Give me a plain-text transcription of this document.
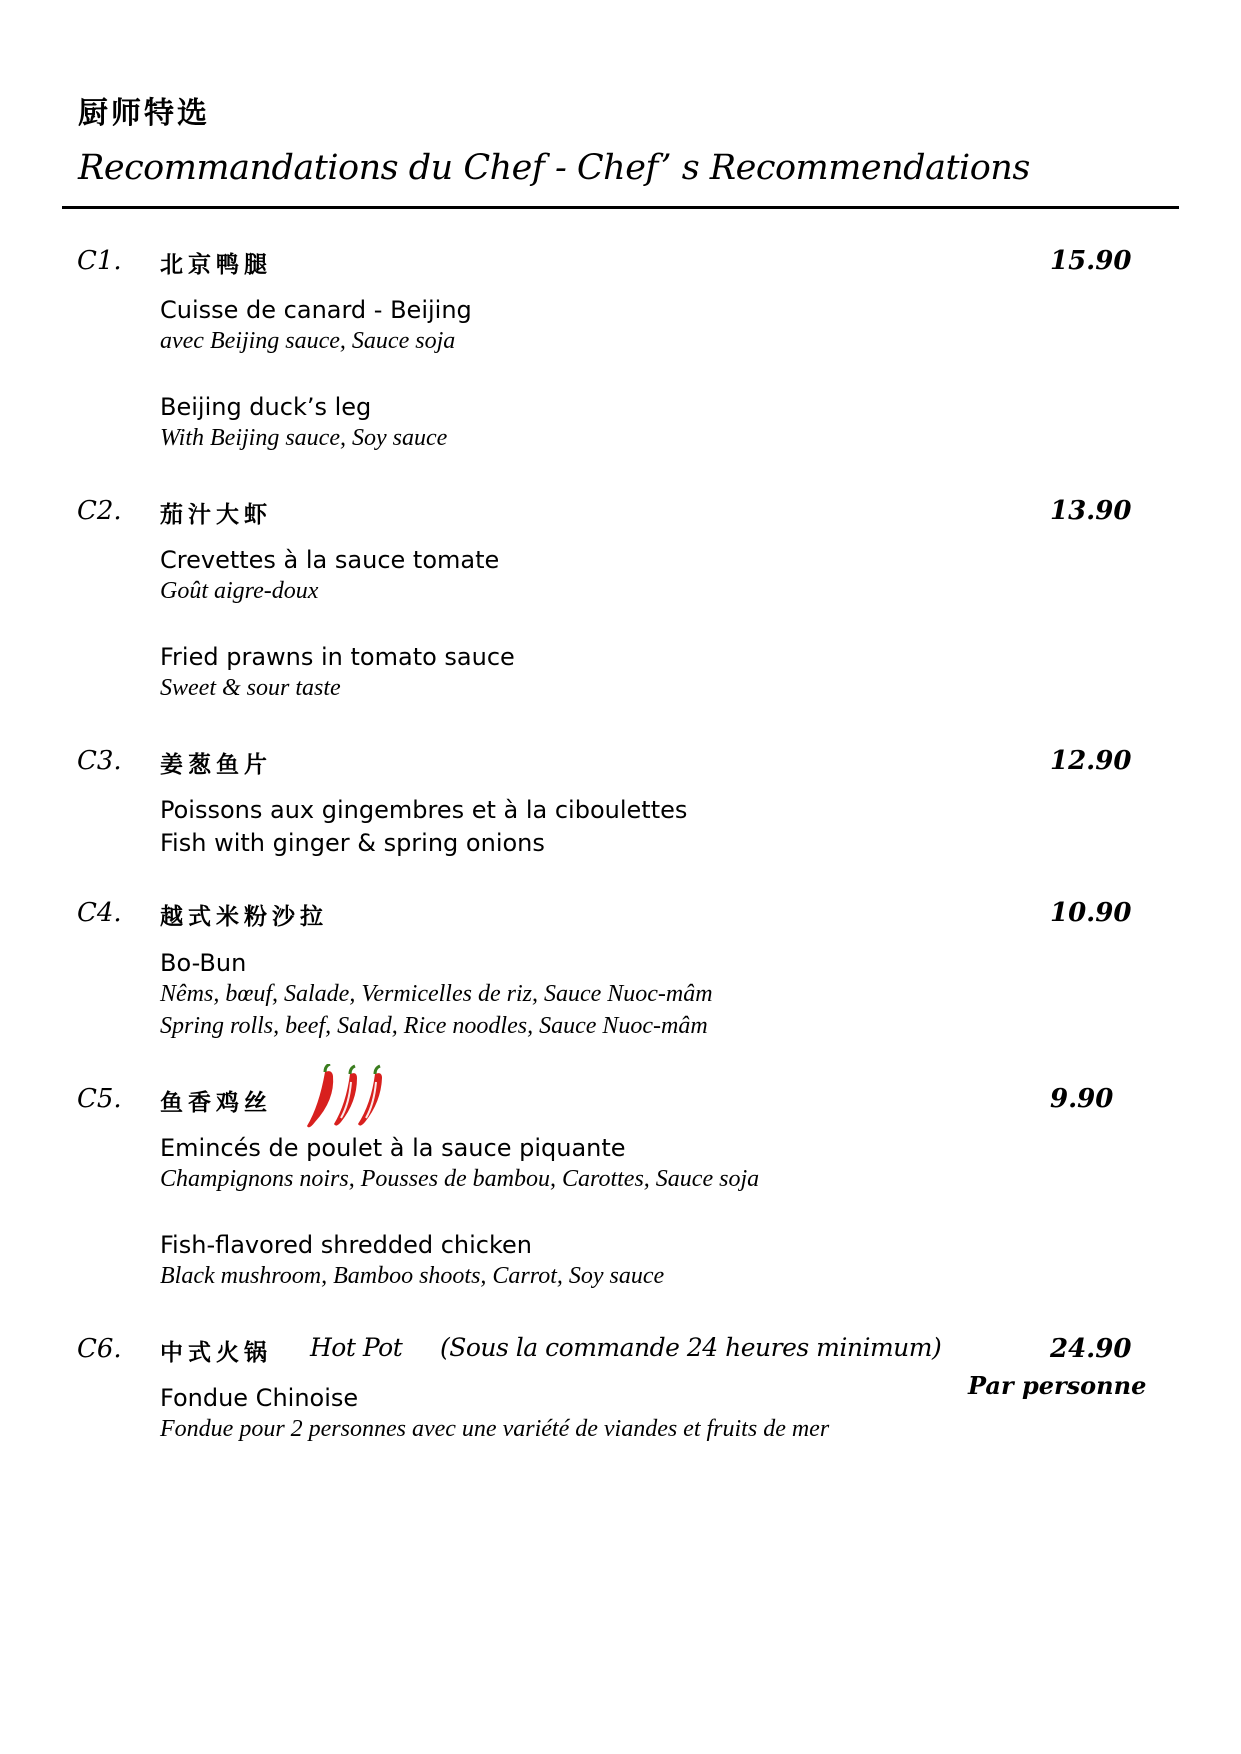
厨师特选
Recommandations du Chef - Chef’ s Recommendations
C1. 北京鸭腿	15.90
Cuisse de canard - Beijing
avec Beijing sauce, Sauce soja
Beijing duck’s leg
With Beijing sauce, Soy sauce
C2. 茄汁大虾	13.90
Crevettes à la sauce tomate
Goût aigre-doux
Fried prawns in tomato sauce
Sweet & sour taste
C3. 姜葱鱼片	12.90
Poissons aux gingembres et à la ciboulettes
Fish with ginger & spring onions
C4. 越式米粉沙拉	10.90
Bo-Bun
Nêms, bœuf, Salade, Vermicelles de riz, Sauce Nuoc-mâm
Spring rolls, beef, Salad, Rice noodles, Sauce Nuoc-mâm
C5. 鱼香鸡丝	9.90
Emincés de poulet à la sauce piquante
Champignons noirs, Pousses de bambou, Carottes, Sauce soja
Fish-flavored shredded chicken
Black mushroom, Bamboo shoots, Carrot, Soy sauce
C6. 中式火锅 Hot Pot (Sous la commande 24 heures minimum)	24.90
Par personne
Fondue Chinoise
Fondue pour 2 personnes avec une variété de viandes et fruits de mer
